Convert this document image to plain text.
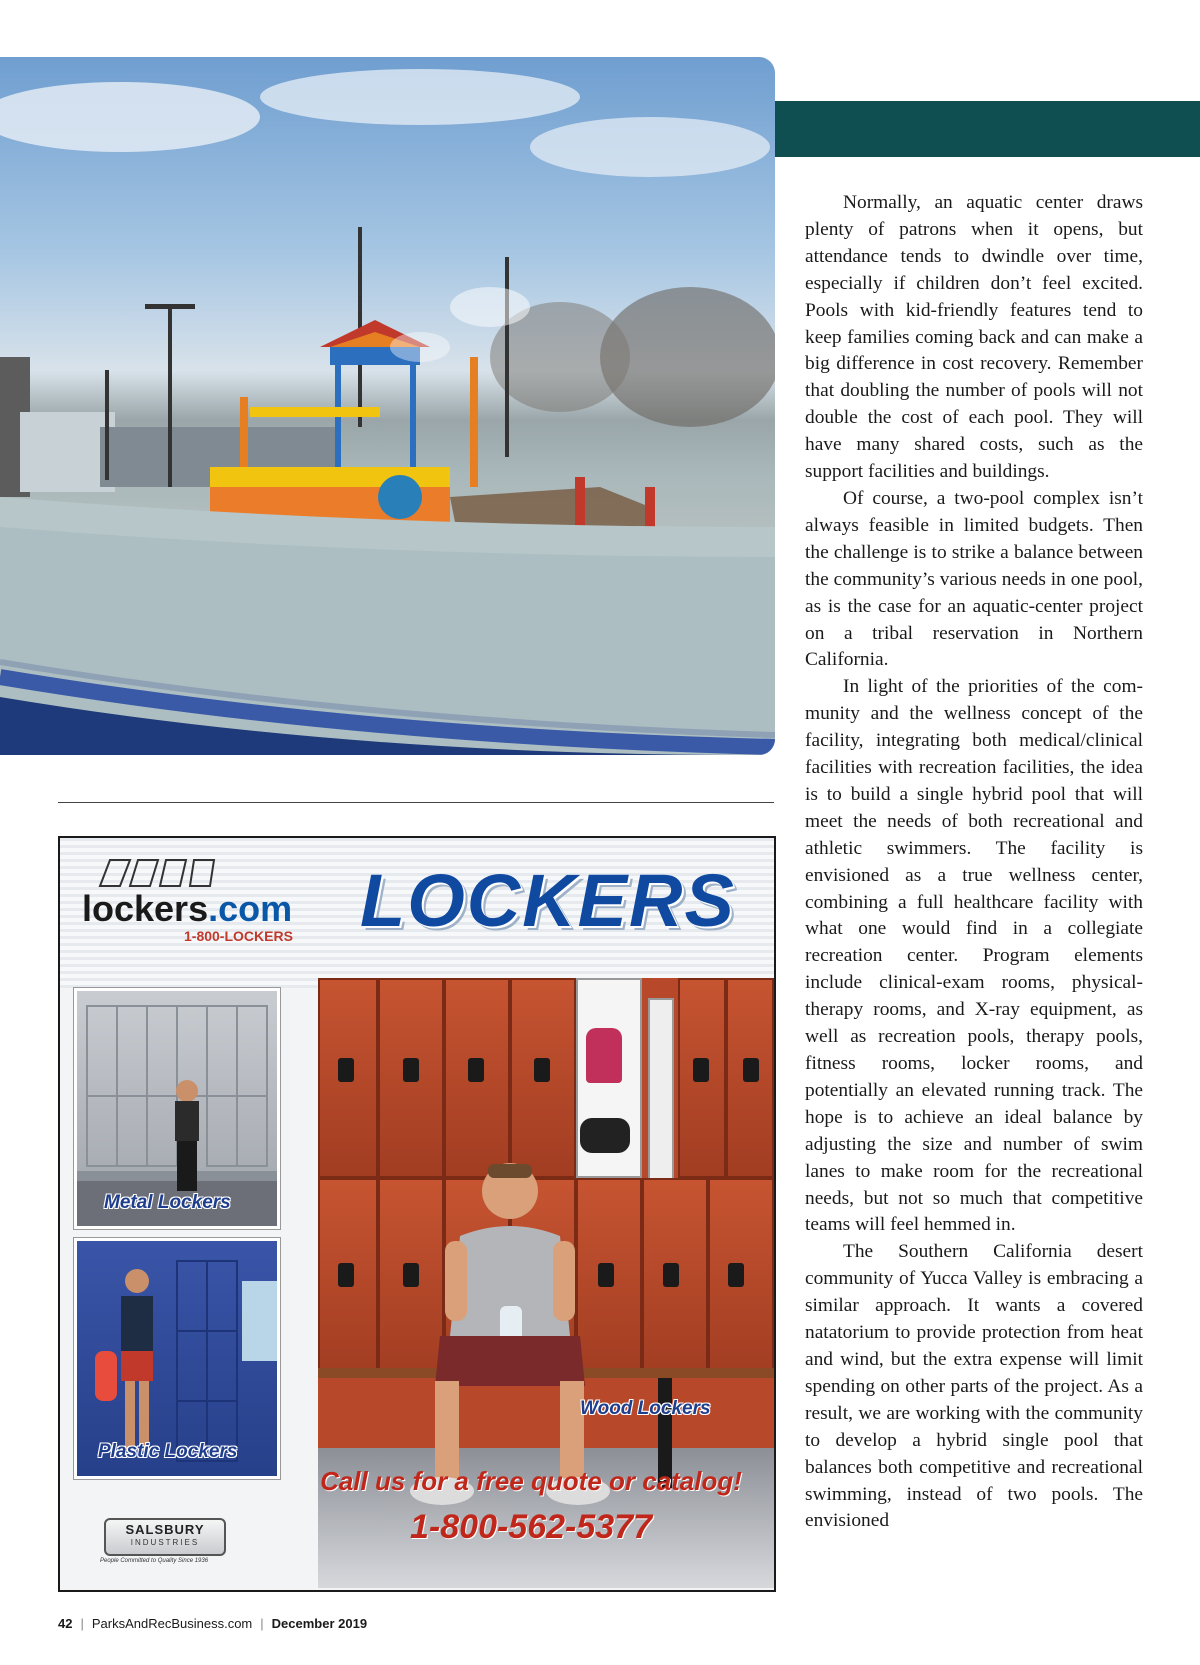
Normally, an aquatic center draws plenty of patrons when it opens, but attendance tends to dwindle over time, especially if children don’t feel excited. Pools with kid-friendly features tend to keep families coming back and can make a big difference in cost recovery. Remember that doubling the number of pools will not double the cost of each pool. They will have many shared costs, such as the support facilities and buildings.

Of course, a two-pool complex isn’t always feasible in limited budgets. Then the challenge is to strike a balance between the community’s various needs in one pool, as is the case for an aquatic-center project on a tribal reservation in Northern California.

In light of the priorities of the community and the wellness concept of the facility, integrating both medical/clinical facilities with recreation facilities, the idea is to build a single hybrid pool that will meet the needs of both recreational and athletic swimmers. The facility is envisioned as a true wellness center, combining a full healthcare facility with what one would find in a collegiate recreation center. Program elements include clinical-exam rooms, physical-therapy rooms, and X-ray equipment, as well as recreation pools, therapy pools, fitness rooms, locker rooms, and potentially an elevated running track. The hope is to achieve an ideal balance by adjusting the size and number of swim lanes to make room for the recreational needs, but not so much that competitive teams will feel hemmed in.

The Southern California desert community of Yucca Valley is embracing a similar approach. It wants a covered natatorium to provide protection from heat and wind, but the extra expense will limit spending on other parts of the project. As a result, we are working with the community to develop a hybrid single pool that balances both competitive and recreational swimming, instead of two pools. The envisioned

lockers.com
1-800-LOCKERS LOCKERS
Wood Lockers
Metal Lockers
Plastic Lockers
Call us for a free quote or catalog!
1-800-562-5377
SALSBURY
INDUSTRIES
People Committed to Quality Since 1936
42 | ParksAndRecBusiness.com | December 2019
